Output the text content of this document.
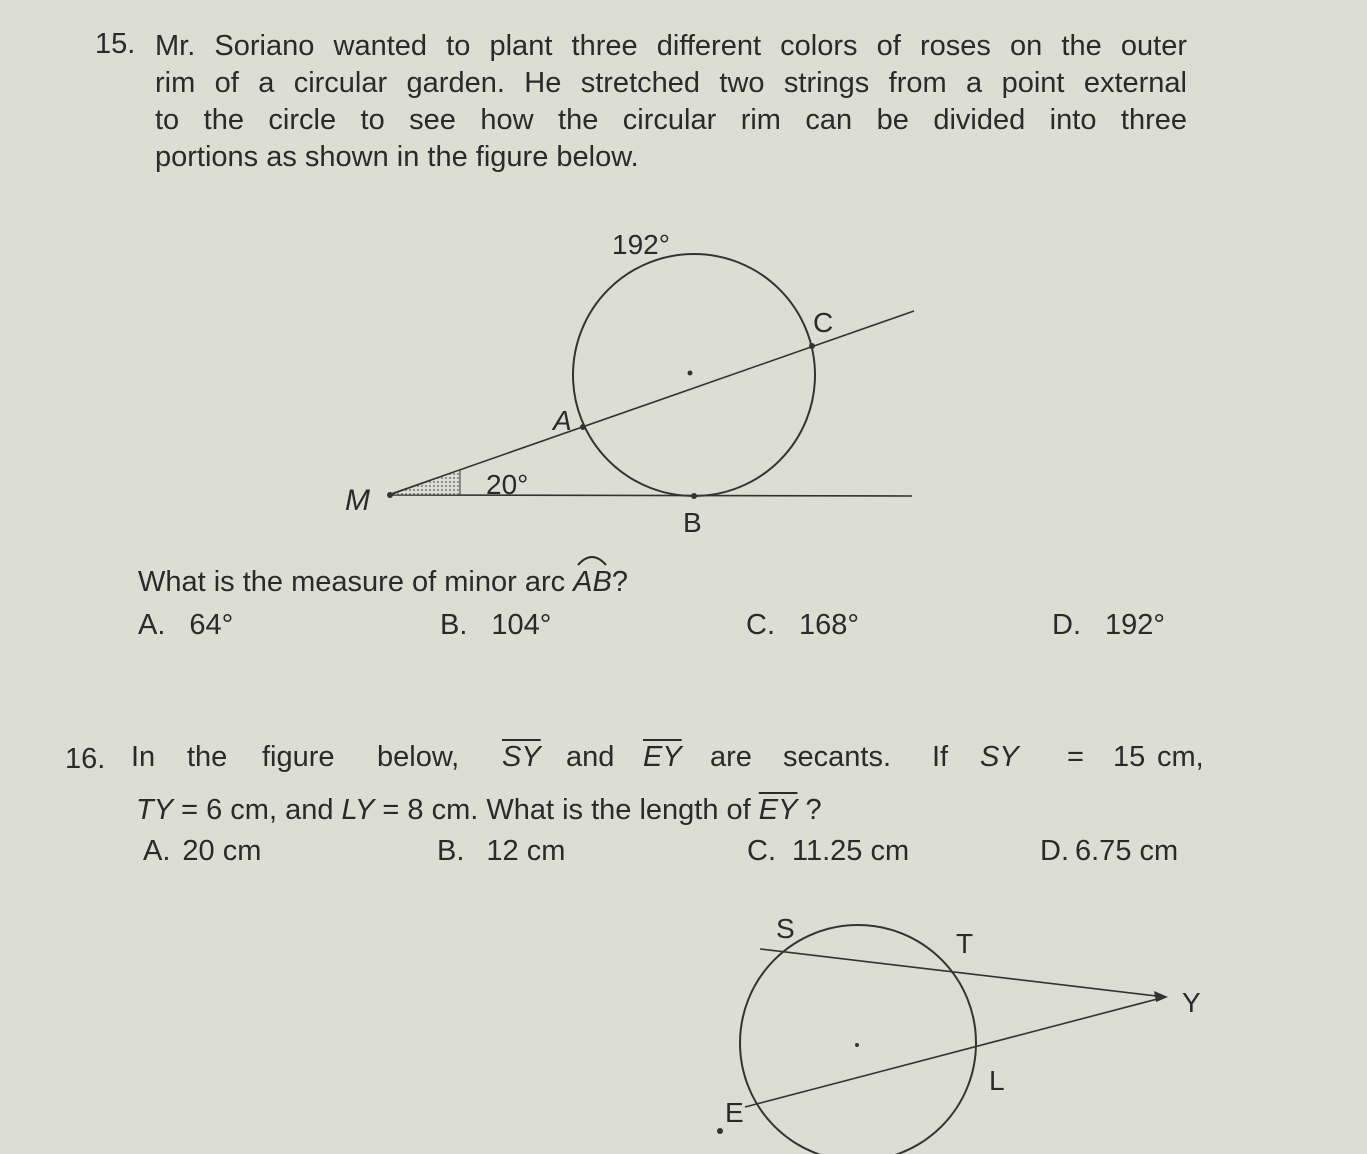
15. Mr. Soriano wanted to plant three different colors of roses on the outer
rim of a circular garden. He stretched two strings from a point external
to the circle to see how the circular rim can be divided into three
portions as shown in the figure below.
192°
20°
M
A
C
B
What is the measure of minor arc
AB?
A. 64°	B. 104°	C. 168°	D. 192°
16. In the figure below, $\overline{SY}$ and $\overline{EY}$ are secants. If SY = 15 cm,
TY = 6 cm, and LY = 8 cm. What is the length of $\overline{EY}$ ?
A. 20 cm	B. 12 cm	C. 11.25 cm	D. 6.75 cm
S	T
Y
L
E
